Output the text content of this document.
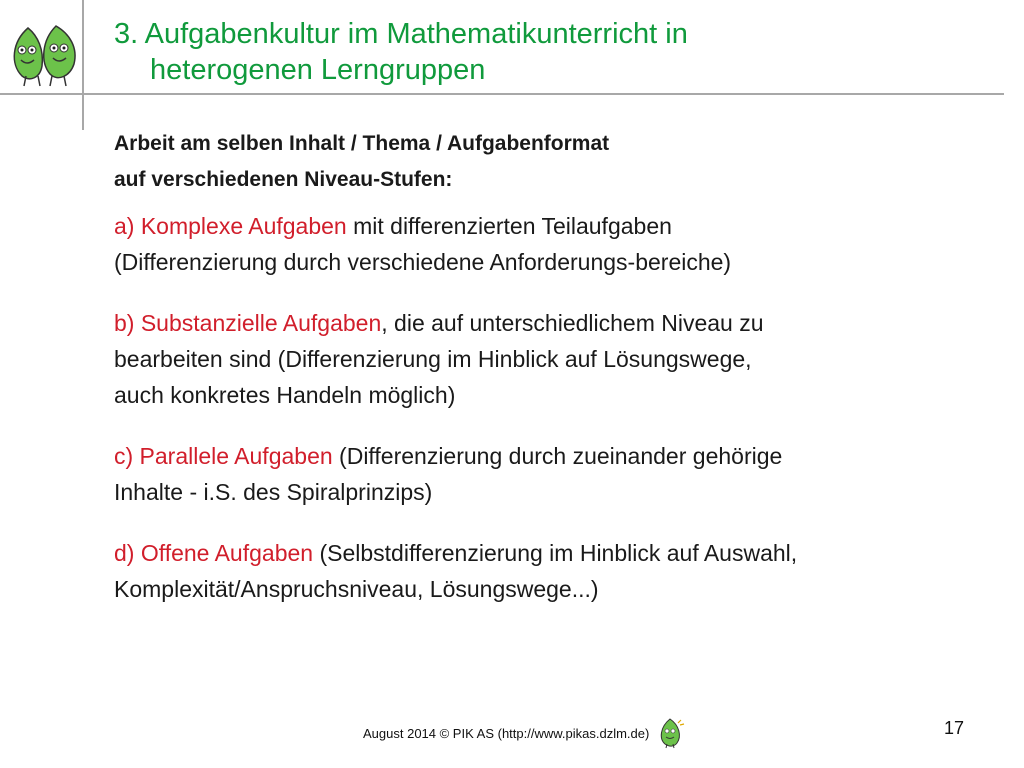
3. Aufgabenkultur im Mathematikunterricht in
heterogenen Lerngruppen

Arbeit am selben Inhalt / Thema / Aufgabenformat
auf verschiedenen Niveau-Stufen:

a) Komplexe Aufgaben mit differenzierten Teilaufgaben
(Differenzierung durch verschiedene Anforderungs-bereiche)

b) Substanzielle Aufgaben, die auf unterschiedlichem Niveau zu
bearbeiten sind (Differenzierung im Hinblick auf Lösungswege,
auch konkretes Handeln möglich)

c) Parallele Aufgaben (Differenzierung durch zueinander gehörige
Inhalte - i.S. des Spiralprinzips)

d) Offene Aufgaben (Selbstdifferenzierung im Hinblick auf Auswahl,
Komplexität/Anspruchsniveau, Lösungswege...)

August 2014 © PIK AS (http://www.pikas.dzlm.de)	17
